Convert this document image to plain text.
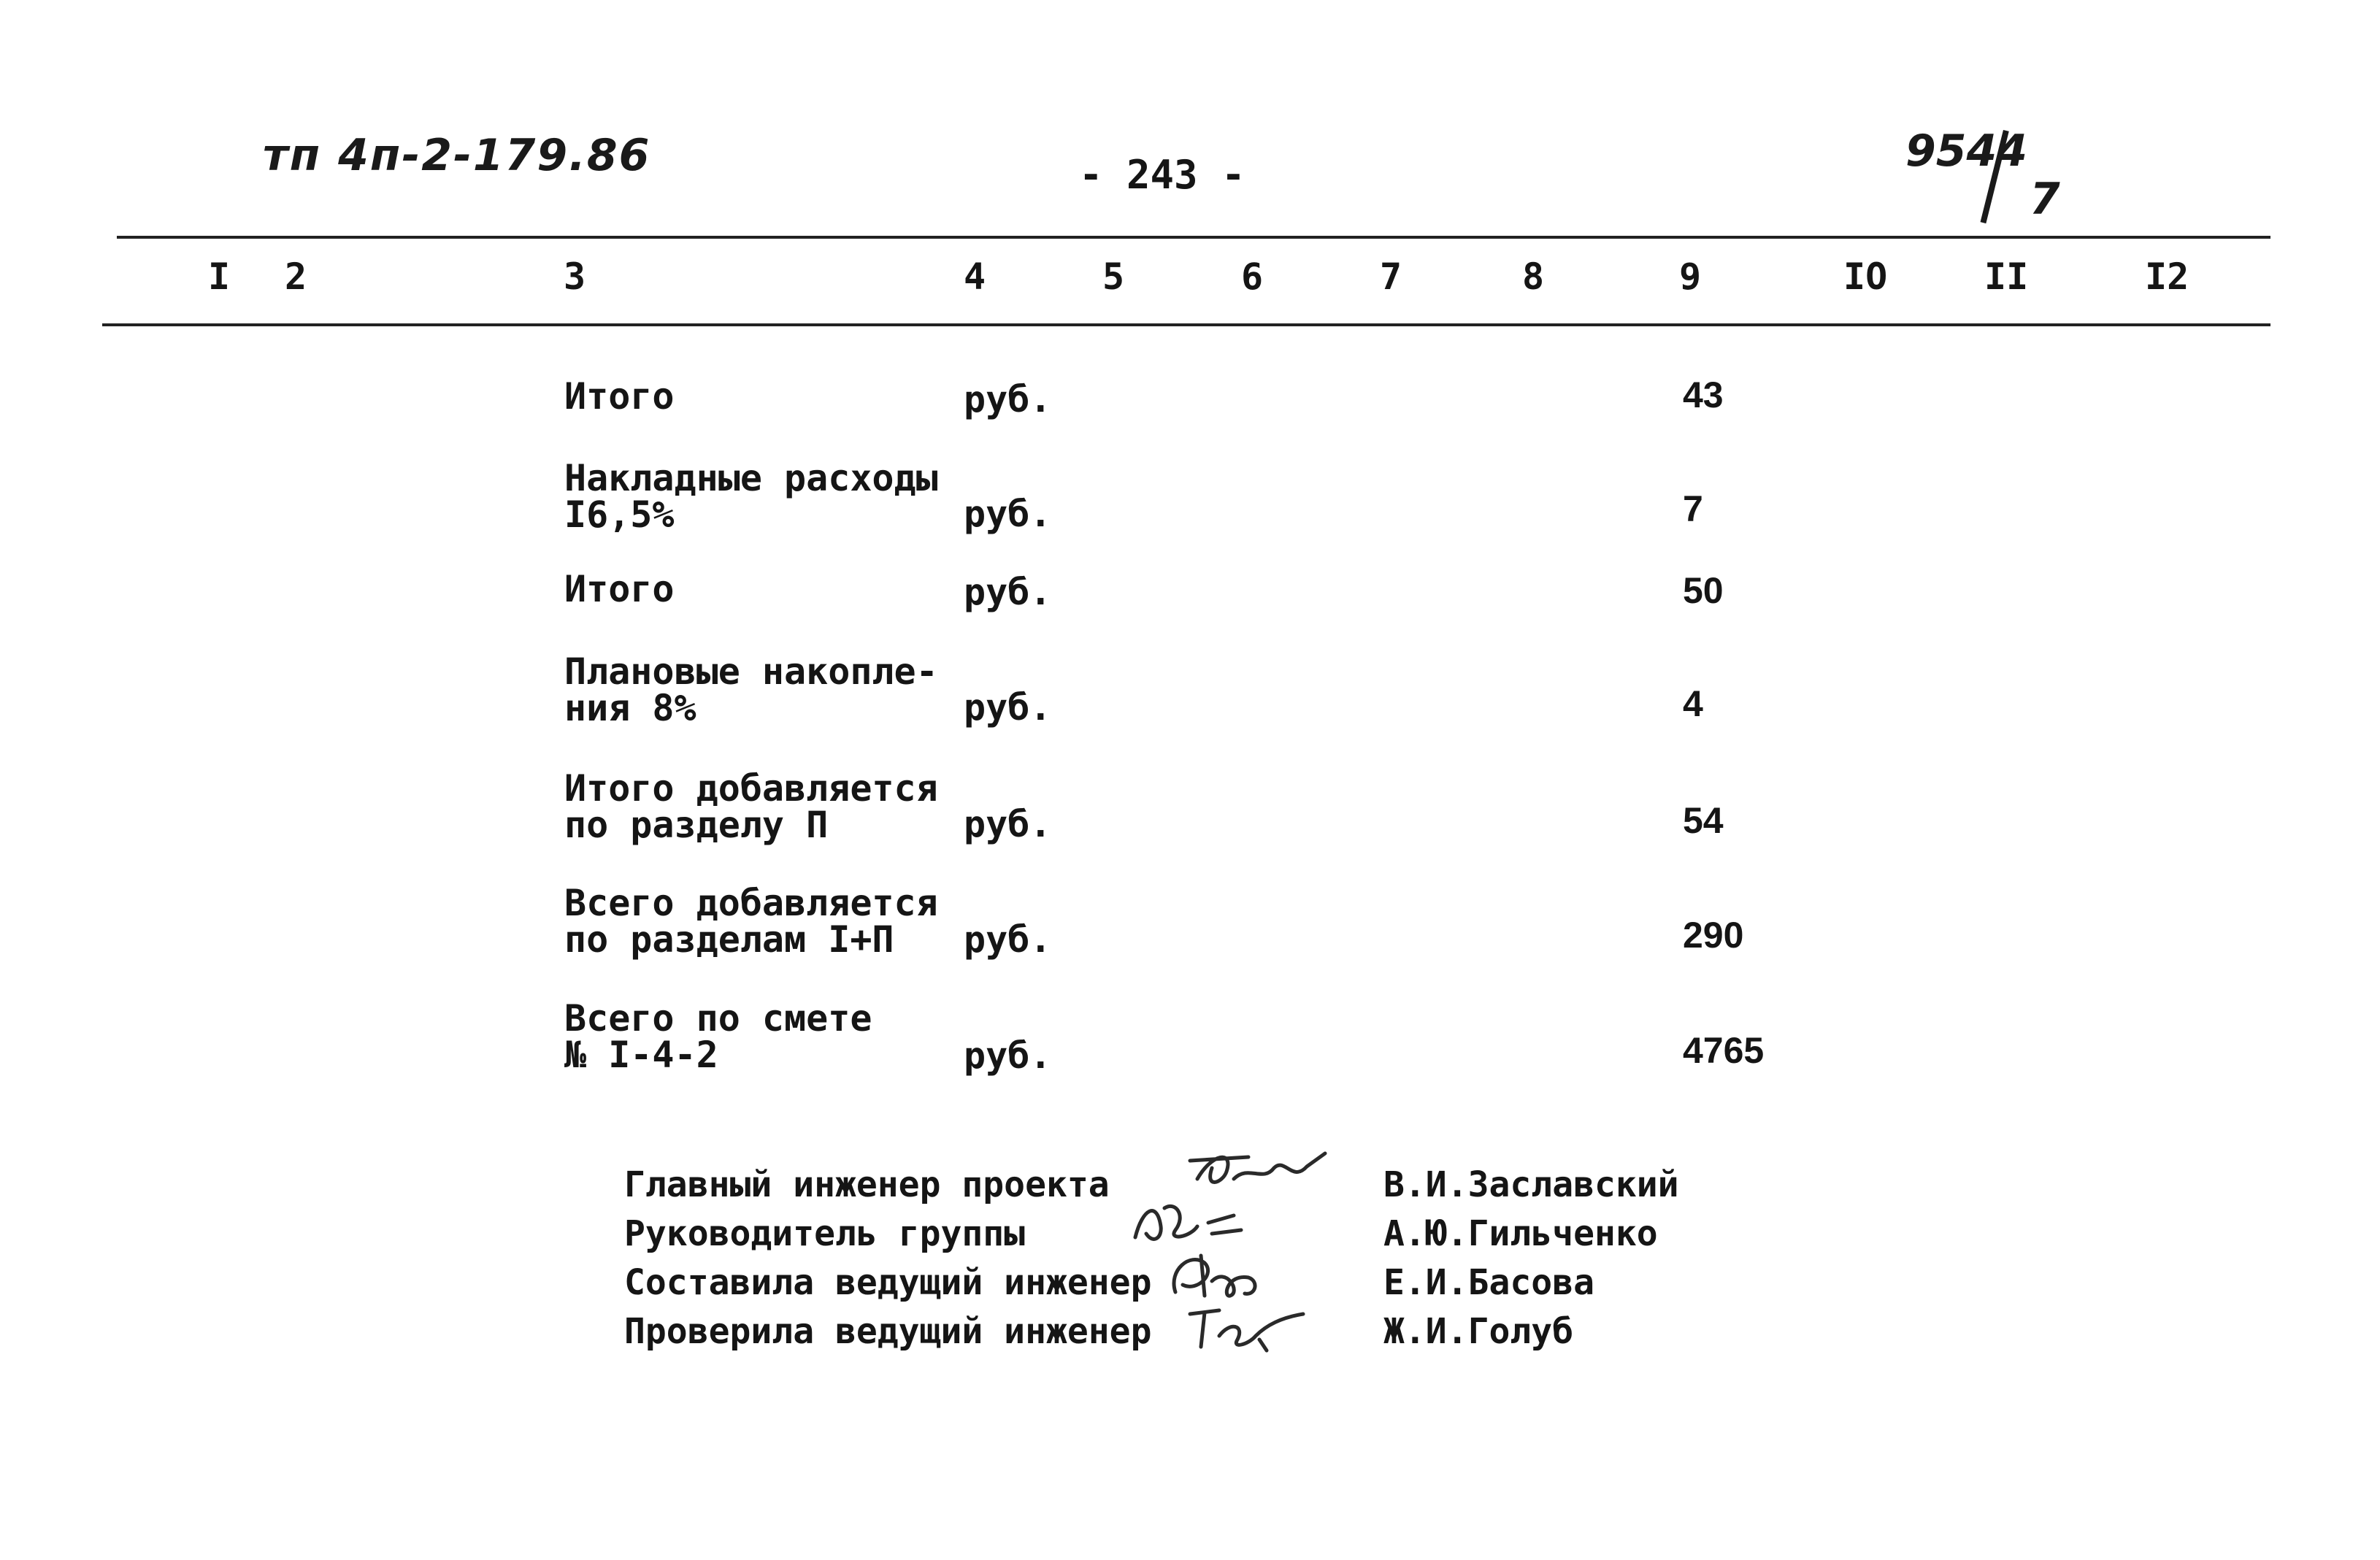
тп 4п-2-179.86	- 243 -	9544
7
I 2	3	4	5	6	7	8	9	IO	II	I2
Итого	руб.	43
Накладные расходы
I6,5%	руб.	7
Итого	руб.	50
Плановые накопле-
ния 8%	руб.	4
Итого добавляется
по разделу П	руб.	54
Всего добавляется
по разделам I+П	руб.	290
Всего по смете
№ I-4-2	руб.	4765
Главный инженер проекта	В.И.Заславский
Руководитель группы	А.Ю.Гильченко
Составила ведущий инженер	Е.И.Басова
Проверила ведущий инженер	Ж.И.Голуб
